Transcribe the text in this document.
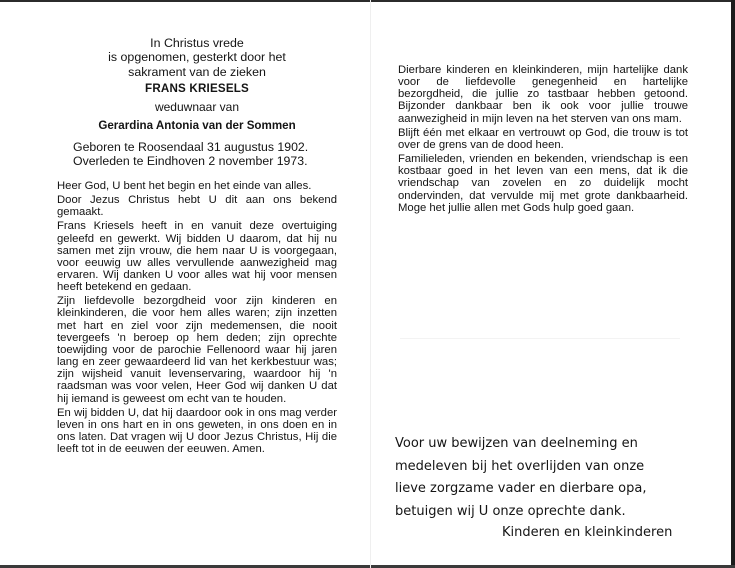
In Christus vrede
is opgenomen, gesterkt door het
sakrament van de zieken
FRANS KRIESELS
weduwnaar van
Gerardina Antonia van der Sommen
Geboren te Roosendaal 31 augustus 1902.
Overleden te Eindhoven 2 november 1973.

Heer God, U bent het begin en het einde van alles.

Door Jezus Christus hebt U dit aan ons bekend gemaakt.

Frans Kriesels heeft in en vanuit deze overtuiging geleefd en gewerkt. Wij bidden U daarom, dat hij nu samen met zijn vrouw, die hem naar U is voorgegaan, voor eeuwig uw alles vervullende aanwezigheid mag ervaren. Wij danken U voor alles wat hij voor mensen heeft betekend en gedaan.

Zijn liefdevolle bezorgdheid voor zijn kinderen en kleinkinderen, die voor hem alles waren; zijn inzetten met hart en ziel voor zijn medemensen, die nooit tevergeefs 'n beroep op hem deden; zijn oprechte toewijding voor de parochie Fellenoord waar hij jaren lang en zeer gewaardeerd lid van het kerkbestuur was; zijn wijsheid vanuit levenservaring, waardoor hij 'n raadsman was voor velen, Heer God wij danken U dat hij iemand is geweest om echt van te houden.

En wij bidden U, dat hij daardoor ook in ons mag verder leven in ons hart en in ons geweten, in ons doen en in ons laten. Dat vragen wij U door Jezus Christus, Hij die leeft tot in de eeuwen der eeuwen. Amen.

Dierbare kinderen en kleinkinderen, mijn hartelijke dank voor de liefdevolle genegenheid en hartelijke bezorgdheid, die jullie zo tastbaar hebben getoond. Bijzonder dankbaar ben ik ook voor jullie trouwe aanwezigheid in mijn leven na het sterven van ons mam.

Blijft één met elkaar en vertrouwt op God, die trouw is tot over de grens van de dood heen.

Familieleden, vrienden en bekenden, vriendschap is een kostbaar goed in het leven van een mens, dat ik die vriendschap van zovelen en zo duidelijk mocht ondervinden, dat vervulde mij met grote dankbaarheid. Moge het jullie allen met Gods hulp goed gaan.

Voor uw bewijzen van deelneming en
medeleven bij het overlijden van onze
lieve zorgzame vader en dierbare opa,
betuigen wij U onze oprechte dank.
Kinderen en kleinkinderen
